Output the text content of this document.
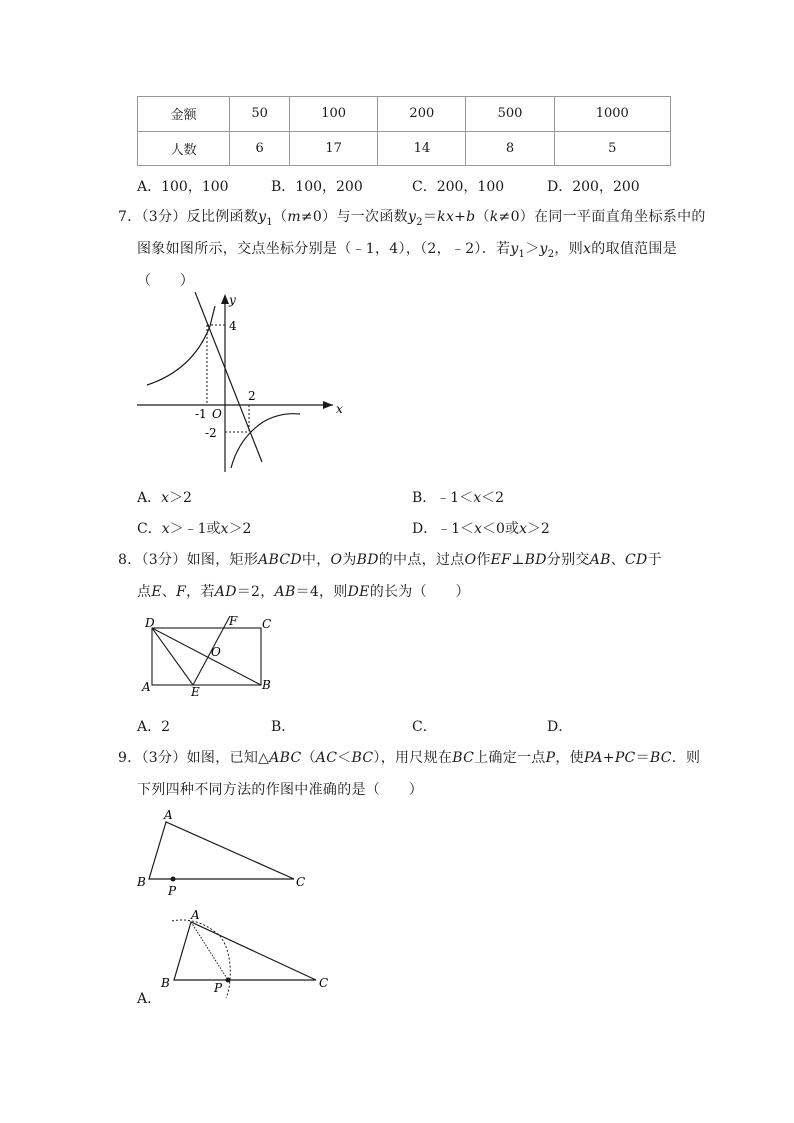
金额	50	100	200	500	1000
人数	6	17	14	8	5
A．100，100	B．100，200	C．200，100	D．200，200
7．（3分）反比例函数$y_1(m\ne 0)$与一次函数$y_2=kx+b(k\ne 0)$在同一平面直角坐标系中的
图象如图所示，交点坐标分别是（﹣1，4），（2，﹣2）．若$y_1>y_2$，则x的取值范围是
（　　）
y
x
O
4
-1
2
-2
A．x＞2	B．﹣1＜x＜2
C．x＞﹣1或x＞2	D．﹣1＜x＜0或x＞2
8．（3分）如图，矩形ABCD中，O为BD的中点，过点O作EF⊥BD分别交AB、CD于
点E、F，若AD＝2，AB＝4，则DE的长为（　　）
D	F C
O
A	E	B
A．2	B．	C．	D．
9．（3分）如图，已知△ABC（AC＜BC），用尺规在BC上确定一点P，使PA+PC＝BC．则
下列四种不同方法的作图中准确的是（　　）
A
B	C
P
A
B	C
P
A．
